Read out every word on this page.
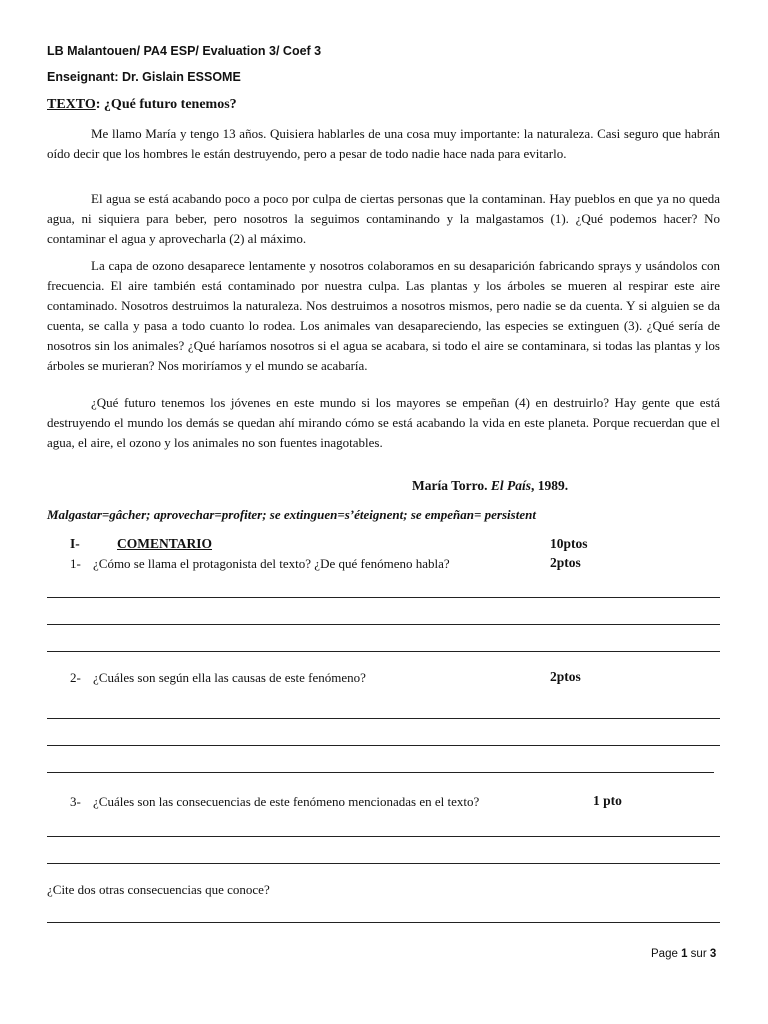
LB Malantouen/ PA4 ESP/ Evaluation 3/ Coef 3
Enseignant: Dr. Gislain ESSOME
TEXTO: ¿Qué futuro tenemos?

Me llamo María y tengo 13 años. Quisiera hablarles de una cosa muy importante: la naturaleza. Casi seguro que habrán oído decir que los hombres le están destruyendo, pero a pesar de todo nadie hace nada para evitarlo.

El agua se está acabando poco a poco por culpa de ciertas personas que la contaminan. Hay pueblos en que ya no queda agua, ni siquiera para beber, pero nosotros la seguimos contaminando y la malgastamos (1). ¿Qué podemos hacer? No contaminar el agua y aprovecharla (2) al máximo.

La capa de ozono desaparece lentamente y nosotros colaboramos en su desaparición fabricando sprays y usándolos con frecuencia. El aire también está contaminado por nuestra culpa. Las plantas y los árboles se mueren al respirar este aire contaminado. Nosotros destruimos la naturaleza. Nos destruimos a nosotros mismos, pero nadie se da cuenta. Y si alguien se da cuenta, se calla y pasa a todo cuanto lo rodea. Los animales van desapareciendo, las especies se extinguen (3). ¿Qué sería de nosotros sin los animales? ¿Qué haríamos nosotros si el agua se acabara, si todo el aire se contaminara, si todas las plantas y los árboles se murieran? Nos moriríamos y el mundo se acabaría.

¿Qué futuro tenemos los jóvenes en este mundo si los mayores se empeñan (4) en destruirlo? Hay gente que está destruyendo el mundo los demás se quedan ahí mirando cómo se está acabando la vida en este planeta. Porque recuerdan que el agua, el aire, el ozono y los animales no son fuentes inagotables.

María Torro. El País, 1989.
Malgastar=gâcher; aprovechar=profiter; se extinguen=s’éteignent; se empeñan= persistent
I-	COMENTARIO	10ptos
1- ¿Cómo se llama el protagonista del texto? ¿De qué fenómeno habla?	2ptos
2- ¿Cuáles son según ella las causas de este fenómeno?	2ptos
3- ¿Cuáles son las consecuencias de este fenómeno mencionadas en el texto?	1 pto
¿Cite dos otras consecuencias que conoce?
Page 1 sur 3
